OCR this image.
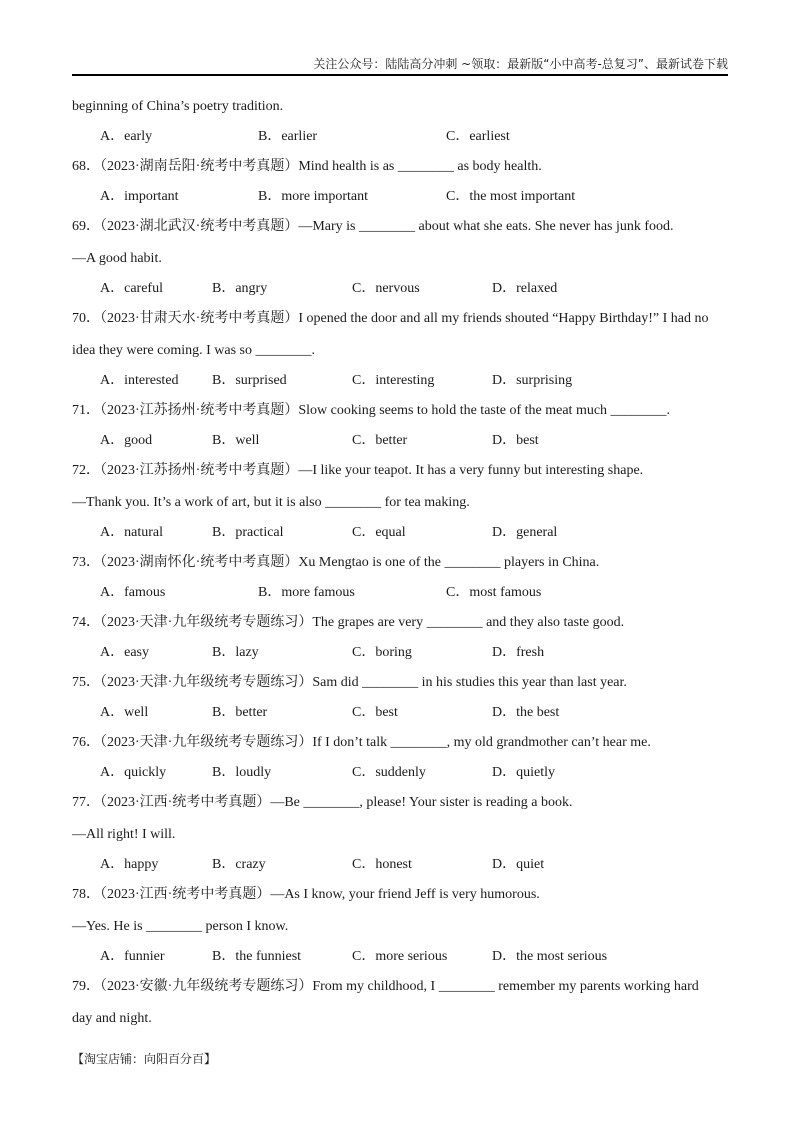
关注公众号：陆陆高分冲刺 ~领取：最新版“小中高考-总复习”、最新试卷下载
beginning of China’s poetry tradition.
A．early	B．earlier	C．earliest
68．（2023·湖南岳阳·统考中考真题）Mind health is as ________ as body health.
A．important	B．more important	C．the most important
69．（2023·湖北武汉·统考中考真题）—Mary is ________ about what she eats. She never has junk food.
—A good habit.
A．careful	B．angry	C．nervous	D．relaxed
70．（2023·甘肃天水·统考中考真题）I opened the door and all my friends shouted “Happy Birthday!” I had no
idea they were coming. I was so ________.
A．interested B．surprised	C．interesting	D．surprising
71．（2023·江苏扬州·统考中考真题）Slow cooking seems to hold the taste of the meat much ________.
A．good	B．well	C．better	D．best
72．（2023·江苏扬州·统考中考真题）—I like your teapot. It has a very funny but interesting shape.
—Thank you. It’s a work of art, but it is also ________ for tea making.
A．natural	B．practical	C．equal	D．general
73．（2023·湖南怀化·统考中考真题）Xu Mengtao is one of the ________ players in China.
A．famous	B．more famous	C．most famous
74．（2023·天津·九年级统考专题练习）The grapes are very ________ and they also taste good.
A．easy	B．lazy	C．boring	D．fresh
75．（2023·天津·九年级统考专题练习）Sam did ________ in his studies this year than last year.
A．well	B．better	C．best	D．the best
76．（2023·天津·九年级统考专题练习）If I don’t talk ________, my old grandmother can’t hear me.
A．quickly	B．loudly	C．suddenly	D．quietly
77．（2023·江西·统考中考真题）—Be ________, please! Your sister is reading a book.
—All right! I will.
A．happy	B．crazy	C．honest	D．quiet
78．（2023·江西·统考中考真题）—As I know, your friend Jeff is very humorous.
—Yes. He is ________ person I know.
A．funnier	B．the funniest	C．more serious	D．the most serious
79．（2023·安徽·九年级统考专题练习）From my childhood, I ________ remember my parents working hard
day and night.
【淘宝店铺：向阳百分百】
